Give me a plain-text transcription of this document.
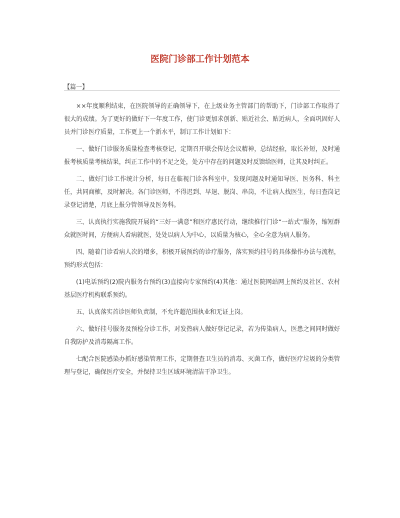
医院门诊部工作计划范本
【篇一】

××年度顺利结束，在医院领导的正确领导下，在上级业务主管部门的帮助下，门诊部工作取得了很大的成绩。为了更好的做好下一年度工作，使门诊更加求创新、贴近社会、贴近病人，全面巩固好人员并门诊医疗质量，工作更上一个新水平，制订工作计划如下：

一、做好门诊服务质量检查考核登记，定期召开联会传达会议精神，总结经验，取长补短，及时通报考核质量考核结果，纠正工作中的不足之处，处方中存在的问题及时反馈给医师，让其及时纠正。

二、做好门诊工作统计分析，每日在临视门诊各科室中，发现问题及时通知导医、医务科、科主任，共同商榷，及时解决。各门诊医师，不得迟到、早退、脱岗、串岗，不让病人找医生，每日查岗记录登记清楚，月底上报分管领导及医务科。

三、认真执行实施我院开展的“三好一满意”和医疗惠民行动，继续推行门诊“一站式”服务，缩短群众就医时间，方便病人看病就医，处处以病人为中心，以质量为核心，全心全意为病人服务。

四、随着门诊看病人次的增多，积极开展预约的诊疗服务，落实预约挂号的具体操作办法与流程，预约形式包括：

(1)电话预约(2)院内服务台预约(3)直接向专家预约(4)其他：通过医院网站网上预约及社区、农村基层医疗机构联系预约。

五、认真落实首诊医师负责制，不允许超范围执业和无证上岗。

六、做好挂号服务及预检分诊工作，对发热病人做好登记记录，若为传染病人，医患之间同时做好自我防护及消毒隔离工作。

七配合医院感染办抓好感染管理工作，定期督查卫生员的消毒、灭菌工作，做好医疗垃圾的分类管理与登记，确保医疗安全，并保持卫生区域环境清洁干净卫生。
